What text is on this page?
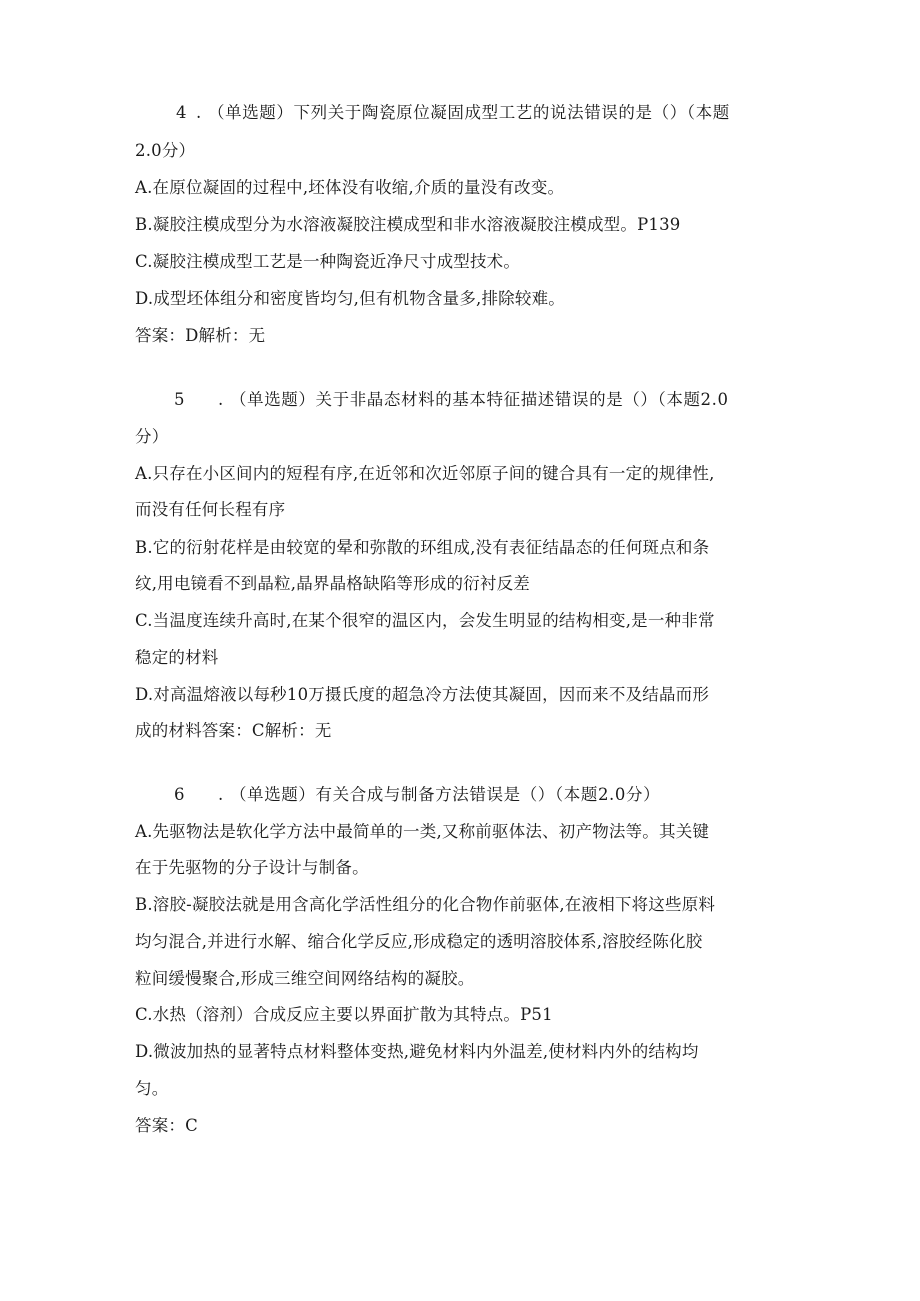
4 . （单选题）下列关于陶瓷原位凝固成型工艺的说法错误的是（）（本题
2.0分）
A.在原位凝固的过程中,坯体没有收缩,介质的量没有改变。
B.凝胶注模成型分为水溶液凝胶注模成型和非水溶液凝胶注模成型。P139
C.凝胶注模成型工艺是一种陶瓷近净尺寸成型技术。
D.成型坯体组分和密度皆均匀,但有机物含量多,排除较难。
答案：D解析：无
5 . （单选题）关于非晶态材料的基本特征描述错误的是（）（本题2.0
分）
A.只存在小区间内的短程有序,在近邻和次近邻原子间的键合具有一定的规律性,
而没有任何长程有序
B.它的衍射花样是由较宽的晕和弥散的环组成,没有表征结晶态的任何斑点和条
纹,用电镜看不到晶粒,晶界晶格缺陷等形成的衍衬反差
C.当温度连续升高时,在某个很窄的温区内，会发生明显的结构相变,是一种非常
稳定的材料
D.对高温熔液以每秒10万摄氏度的超急冷方法使其凝固，因而来不及结晶而形
成的材料答案：C解析：无
6 . （单选题）有关合成与制备方法错误是（）（本题2.0分）
A.先驱物法是软化学方法中最简单的一类,又称前驱体法、初产物法等。其关键
在于先驱物的分子设计与制备。
B.溶胶-凝胶法就是用含高化学活性组分的化合物作前驱体,在液相下将这些原料
均匀混合,并进行水解、缩合化学反应,形成稳定的透明溶胶体系,溶胶经陈化胶
粒间缓慢聚合,形成三维空间网络结构的凝胶。
C.水热（溶剂）合成反应主要以界面扩散为其特点。P51
D.微波加热的显著特点材料整体变热,避免材料内外温差,使材料内外的结构均
匀。
答案：C
